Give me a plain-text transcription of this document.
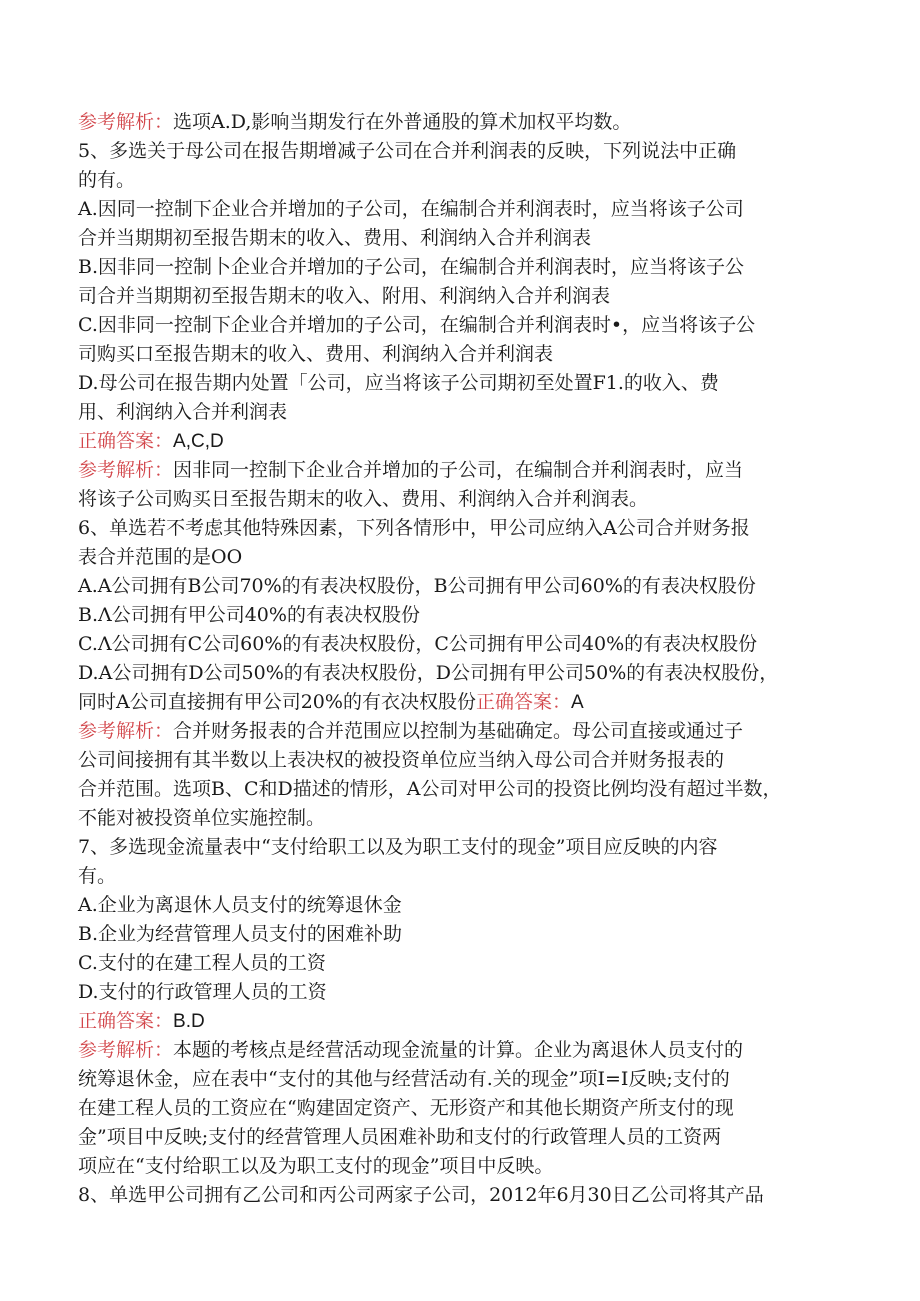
参考解析：选项A.D,影响当期发行在外普通股的算术加权平均数。
5、多选关于母公司在报告期增减子公司在合并利润表的反映，下列说法中正确
的有。
A.因同一控制下企业合并增加的子公司，在编制合并利润表时，应当将该子公司
合并当期期初至报告期末的收入、费用、利润纳入合并利润表
B.因非同一控制卜企业合并增加的子公司，在编制合并利润表时，应当将该子公
司合并当期期初至报告期末的收入、附用、利润纳入合并利润表
C.因非同一控制下企业合并增加的子公司，在编制合并利润表时•，应当将该子公
司购买口至报告期末的收入、费用、利润纳入合并利润表
D.母公司在报告期内处置「公司，应当将该子公司期初至处置F1.的收入、费
用、利润纳入合并利润表
正确答案：A,C,D
参考解析：因非同一控制下企业合并增加的子公司，在编制合并利润表时，应当
将该子公司购买日至报告期末的收入、费用、利润纳入合并利润表。
6、单选若不考虑其他特殊因素，下列各情形中，甲公司应纳入A公司合并财务报
表合并范围的是OO
A.A公司拥有B公司70%的有表决权股份，B公司拥有甲公司60%的有表决权股份
B.Λ公司拥有甲公司40%的有表决权股份
C.Λ公司拥有C公司60%的有表决权股份，C公司拥有甲公司40%的有表决权股份
D.A公司拥有D公司50%的有表决权股份，D公司拥有甲公司50%的有表决权股份，
同时A公司直接拥有甲公司20%的有衣决权股份正确答案：A
参考解析：合并财务报表的合并范围应以控制为基础确定。母公司直接或通过子
公司间接拥有其半数以上表决权的被投资单位应当纳入母公司合并财务报表的
合并范围。选项B、C和D描述的情形，A公司对甲公司的投资比例均没有超过半数，
不能对被投资单位实施控制。
7、多选现金流量表中“支付给职工以及为职工支付的现金”项目应反映的内容
有。
A.企业为离退休人员支付的统筹退休金
B.企业为经营管理人员支付的困难补助
C.支付的在建工程人员的工资
D.支付的行政管理人员的工资
正确答案：B.D
参考解析：本题的考核点是经营活动现金流量的计算。企业为离退休人员支付的
统筹退休金，应在表中“支付的其他与经营活动有.关的现金”项I=I反映;支付的
在建工程人员的工资应在“购建固定资产、无形资产和其他长期资产所支付的现
金”项目中反映;支付的经营管理人员困难补助和支付的行政管理人员的工资两
项应在“支付给职工以及为职工支付的现金”项目中反映。
8、单选甲公司拥有乙公司和丙公司两家子公司，2012年6月30日乙公司将其产品
